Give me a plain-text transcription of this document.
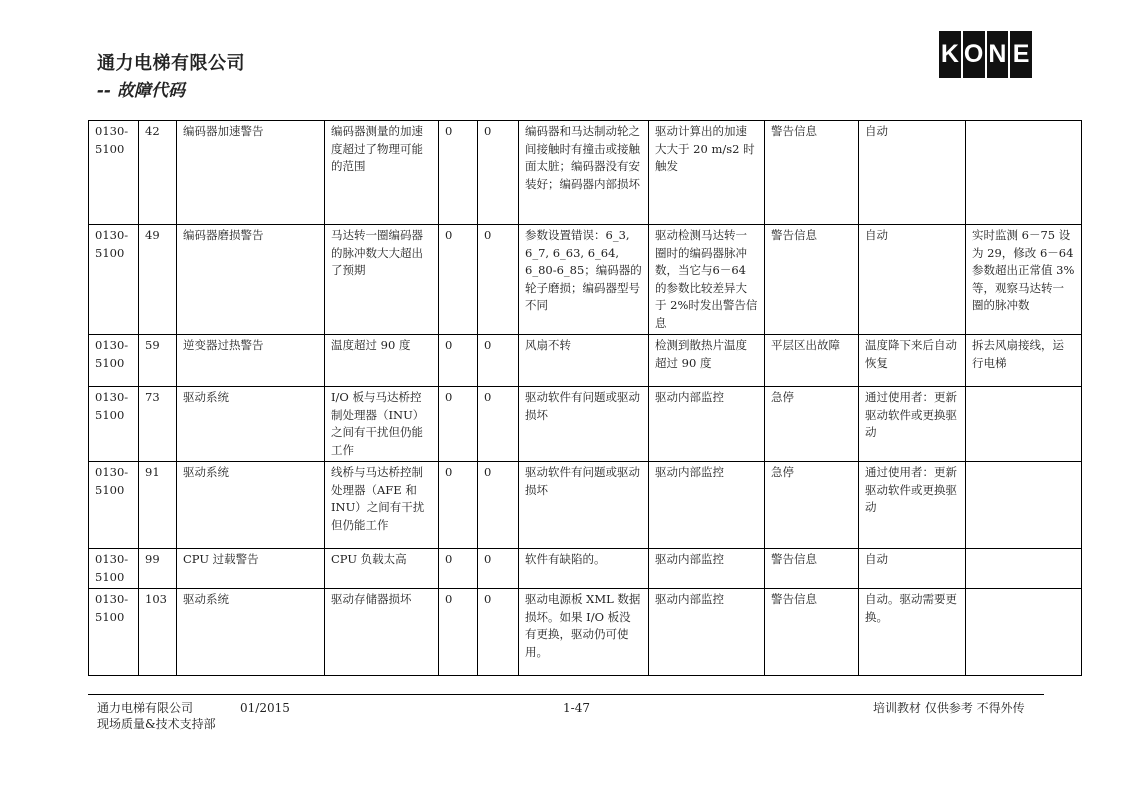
通力电梯有限公司
-- 故障代码
K O N E
0130-5100	42	编码器加速警告	编码器测量的加速度超过了物理可能的范围	0	0	编码器和马达制动轮之间接触时有撞击或接触面太脏；编码器没有安装好；编码器内部损坏	驱动计算出的加速大大于 20 m/s2 时触发	警告信息	自动	
0130-5100	49	编码器磨损警告	马达转一圈编码器的脉冲数大大超出了预期	0	0	参数设置错误：6_3, 6_7, 6_63, 6_64, 6_80-6_85；编码器的轮子磨损；编码器型号不同	驱动检测马达转一圈时的编码器脉冲数，当它与6－64 的参数比较差异大于 2%时发出警告信息	警告信息	自动	实时监测 6－75 设为 29，修改 6－64 参数超出正常值 3%等，观察马达转一圈的脉冲数
0130-5100	59	逆变器过热警告	温度超过 90 度	0	0	风扇不转	检测到散热片温度超过 90 度	平层区出故障	温度降下来后自动恢复	拆去风扇接线，运行电梯
0130-5100	73	驱动系统	I/O 板与马达桥控制处理器（INU）之间有干扰但仍能工作	0	0	驱动软件有问题或驱动损坏	驱动内部监控	急停	通过使用者：更新驱动软件或更换驱动	
0130-5100	91	驱动系统	线桥与马达桥控制处理器（AFE 和 INU）之间有干扰但仍能工作	0	0	驱动软件有问题或驱动损坏	驱动内部监控	急停	通过使用者：更新驱动软件或更换驱动	
0130-5100	99	CPU 过载警告	CPU 负载太高	0	0	软件有缺陷的。	驱动内部监控	警告信息	自动	
0130-5100	103	驱动系统	驱动存储器损坏	0	0	驱动电源板 XML 数据损坏。如果 I/O 板没有更换，驱动仍可使用。	驱动内部监控	警告信息	自动。驱动需要更换。	
通力电梯有限公司	01/2015	1-47	培训教材 仅供参考 不得外传
现场质量&技术支持部
